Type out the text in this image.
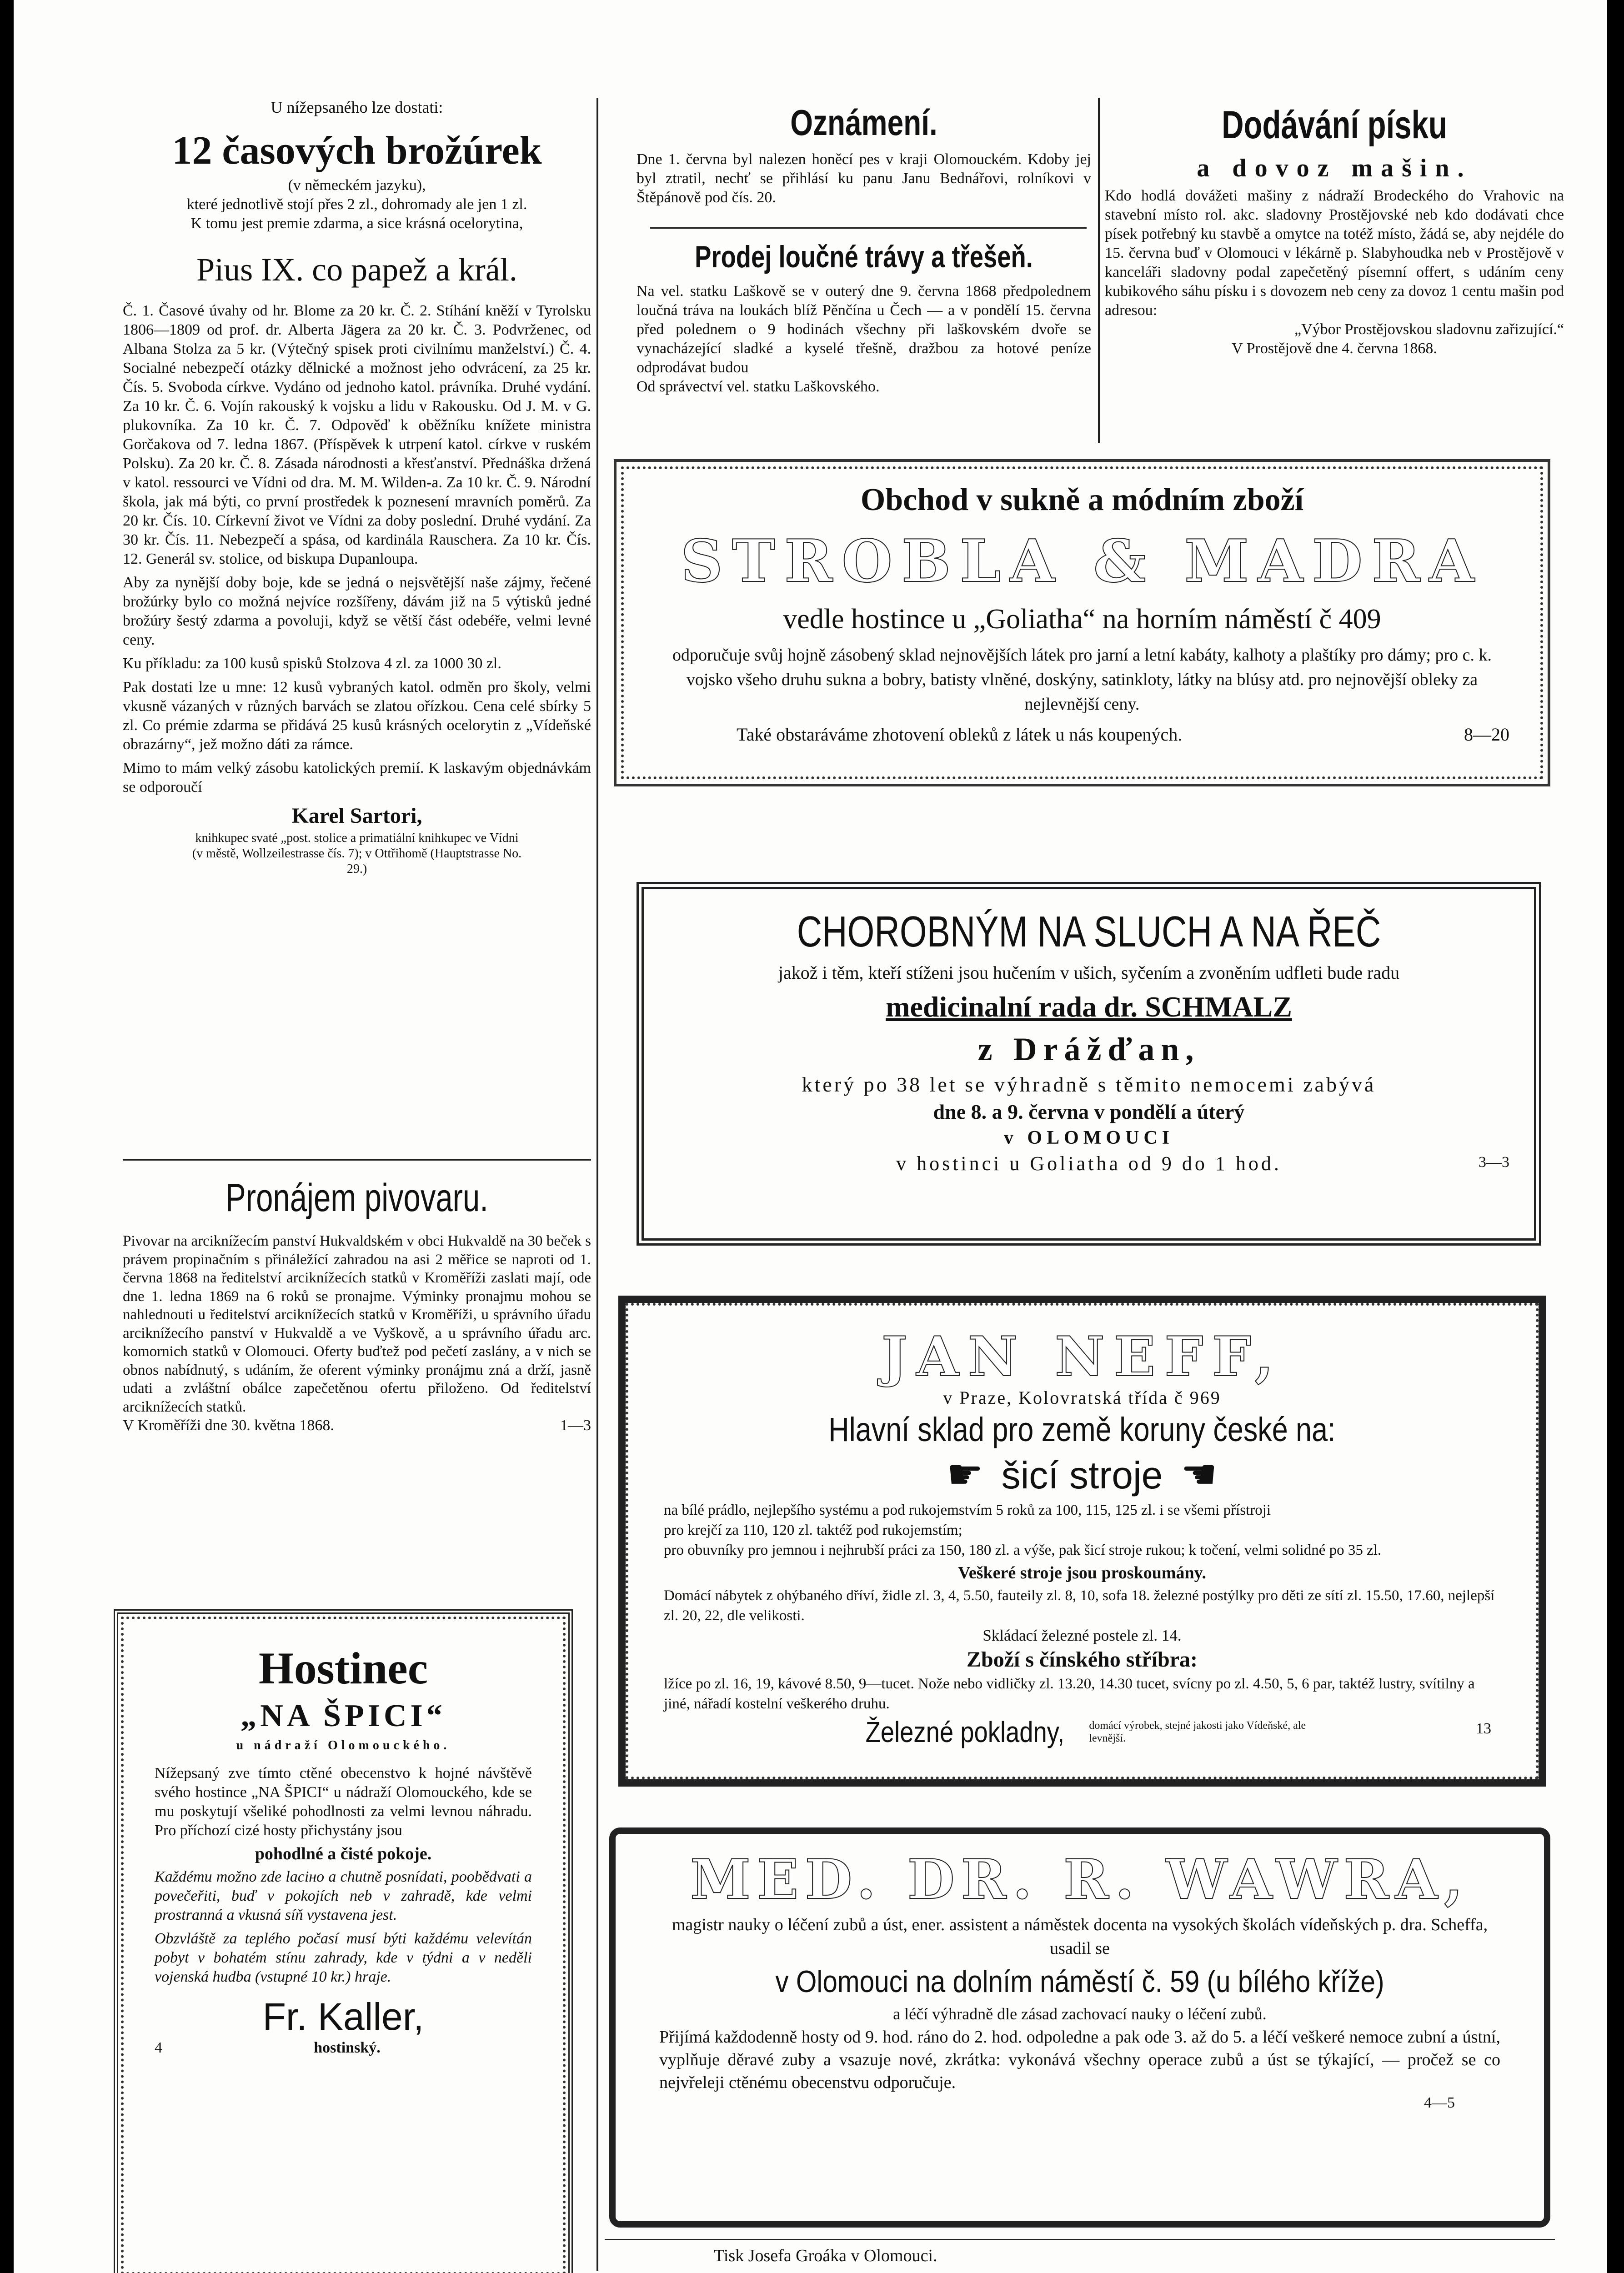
U nížepsaného lze dostati:

12 časových brožúrek

(v německém jazyku),

které jednotlivě stojí přes 2 zl., dohromady ale jen 1 zl.

K tomu jest premie zdarma, a sice krásná ocelorytina,

Pius IX. co papež a král.

Č. 1. Časové úvahy od hr. Blome za 20 kr. Č. 2. Stíhání kněží v Tyrolsku 1806—1809 od prof. dr. Alberta Jägera za 20 kr. Č. 3. Podvrženec, od Albana Stolza za 5 kr. (Výtečný spisek proti civilnímu manželství.) Č. 4. Socialné nebezpečí otázky dělnické a možnost jeho odvrácení, za 25 kr. Čís. 5. Svoboda církve. Vydáno od jednoho katol. právníka. Druhé vydání. Za 10 kr. Č. 6. Vojín rakouský k vojsku a lidu v Rakousku. Od J. M. v G. plukovníka. Za 10 kr. Č. 7. Odpověď k oběžníku knížete ministra Gorčakova od 7. ledna 1867. (Příspěvek k utrpení katol. církve v ruském Polsku). Za 20 kr. Č. 8. Zásada národnosti a křesťanství. Přednáška držená v katol. ressourci ve Vídni od dra. M. M. Wilden-a. Za 10 kr. Č. 9. Národní škola, jak má býti, co první prostředek k poznesení mravních poměrů. Za 20 kr. Čís. 10. Církevní život ve Vídni za doby poslední. Druhé vydání. Za 30 kr. Čís. 11. Nebezpečí a spása, od kardinála Rauschera. Za 10 kr. Čís. 12. Generál sv. stolice, od biskupa Dupanloupa.

Aby za nynější doby boje, kde se jedná o nejsvětější naše zájmy, řečené brožúrky bylo co možná nejvíce rozšířeny, dávám již na 5 výtisků jedné brožúry šestý zdarma a povoluji, když se větší část odebéře, velmi levné ceny.

Ku příkladu: za 100 kusů spisků Stolzova 4 zl. za 1000 30 zl.

Pak dostati lze u mne: 12 kusů vybraných katol. odměn pro školy, velmi vkusně vázaných v různých barvách se zlatou ořízkou. Cena celé sbírky 5 zl. Co prémie zdarma se přidává 25 kusů krásných ocelorytin z „Vídeňské obrazárny“, jež možno dáti za rámce.

Mimo to mám velký zásobu katolických premií. K laskavým objednávkám se odporoučí

Karel Sartori,

knihkupec svaté „post. stolice a primatiální knihkupec ve Vídni (v městě, Wollzeilestrasse čís. 7); v Ottřihomě (Hauptstrasse No. 29.)

Pronájem pivovaru.

Pivovar na arciknížecím panství Hukvaldském v obci Hukvaldě na 30 beček s právem propinačním s přináležící zahradou na asi 2 měřice se naproti od 1. června 1868 na ředitelství arciknížecích statků v Kroměříži zaslati mají, ode dne 1. ledna 1869 na 6 roků se pronajme. Výminky pronajmu mohou se nahlednouti u ředitelství arciknížecích statků v Kroměříži, u správního úřadu arciknížecího panství v Hukvaldě a ve Vyškově, a u správního úřadu arc. komornich statků v Olomouci. Oferty buďtež pod pečetí zaslány, a v nich se obnos nabídnutý, s udáním, že oferent výminky pronájmu zná a drží, jasně udati a zvláštní obálce zapečetěnou ofertu přiloženo. Od ředitelství arciknížecích statků.

V Kroměříži dne 30. května 1868.	1—3

Hostinec

„NA ŠPICI“

u nádraží Olomouckého.

Nížepsaný zve tímto ctěné obecenstvo k hojné návštěvě svého hostince „NA ŠPICI“ u nádraží Olomouckého, kde se mu poskytují všeliké pohodlnosti za velmi levnou náhradu. Pro příchozí cizé hosty přichystány jsou

pohodlné a čisté pokoje.

Každému možno zde laciно a chutně posnídati, poobědvati a povečeřiti, buď v pokojích neb v zahradě, kde velmi prostranná a vkusná síň vystavena jest.

Obzvláště za teplého počasí musí býti každému velevítán pobyt v bohatém stínu zahrady, kde v týdni a v neděli vojenská hudba (vstupné 10 kr.) hraje.

Fr. Kaller,

4	hostinský.

Oznámení.

Dne 1. června byl nalezen honěcí pes v kraji Olomouckém. Kdoby jej byl ztratil, nechť se přihlásí ku panu Janu Bednářovi, rolníkovi v Štěpánově pod čís. 20.

Prodej loučné trávy a třešeň.

Na vel. statku Laškově se v outerý dne 9. června 1868 předpolednem loučná tráva na loukách blíž Pěnčína u Čech — a v pondělí 15. června před polednem o 9 hodinách všechny při laškovském dvoře se vynacházející sladké a kyselé třešně, dražbou za hotové peníze odprodávat budou

Od správectví vel. statku Laškovského.

Dodávání písku

a dovoz mašin.

Kdo hodlá dovážeti mašiny z nádraží Brodeckého do Vrahovic na stavební místo rol. akc. sladovny Prostějovské neb kdo dodávati chce písek potřebný ku stavbě a omytce na totéž místo, žádá se, aby nejdéle do 15. června buď v Olomouci v lékárně p. Slabyhoudka neb v Prostějově v kanceláři sladovny podal zapečetěný písemní offert, s udáním ceny kubikového sáhu písku i s dovozem neb ceny za dovoz 1 centu mašin pod adresou:

„Výbor Prostějovskou sladovnu zařizující.“

V Prostějově dne 4. června 1868.

Obchod v sukně a módním zboží

STROBLA & MADRA

vedle hostince u „Goliatha“ na horním náměstí č 409

odporučuje svůj hojně zásobený sklad nejnovějších látek pro jarní a letní kabáty, kalhoty a plaštíky pro dámy; pro c. k. vojsko všeho druhu sukna a bobry, batisty vlněné, doskýny, satinkloty, látky na blúsy atd. pro nejnovější obleky za nejlevnější ceny.

Také obstaráváme zhotovení obleků z látek u nás koupených.	8—20

CHOROBNÝM NA SLUCH A NA ŘEČ

jakož i těm, kteří stíženi jsou hučením v ušich, syčením a zvoněním udfleti bude radu

medicinalní rada dr. SCHMALZ

z Drážďan,

který po 38 let se výhradně s těmito nemocemi zabývá

dne 8. a 9. června v pondělí a úterý

v OLOMOUCI

v hostinci u Goliatha od 9 do 1 hod.	3—3

JAN NEFF,

v Praze, Kolovratská třída č 969

Hlavní sklad pro země koruny české na:

☛ šicí stroje ☛

na bílé prádlo, nejlepšího systému a pod rukojemstvím 5 roků za 100, 115, 125 zl. i se všemi přístroji

pro krejčí za 110, 120 zl. taktéž pod rukojemstím;

pro obuvníky pro jemnou i nejhrubší práci za 150, 180 zl. a výše, pak šicí stroje rukou; k točení, velmi solidné po 35 zl.

Veškeré stroje jsou proskoumány.

Domácí nábytek z ohýbaného dříví, židle zl. 3, 4, 5.50, fauteily zl. 8, 10, sofa 18. železné postýlky pro děti ze sítí zl. 15.50, 17.60, nejlepší zl. 20, 22, dle velikosti.

Skládací železné postele zl. 14.

Zboží s čínského stříbra:

lžíce po zl. 16, 19, kávové 8.50, 9—tucet. Nože nebo vidličky zl. 13.20, 14.30 tucet, svícny po zl. 4.50, 5, 6 par, taktéž lustry, svítilny a jiné, nářadí kostelní veškerého druhu.

Železné pokladny, domácí výrobek, stejné jakosti jako Vídeňské, ale levnější.
13

MED. DR. R. WAWRA,

magistr nauky o léčení zubů a úst, ener. assistent a náměstek docenta na vysokých školách vídeňských p. dra. Scheffa,

usadil se

v Olomouci na dolním náměstí č. 59 (u bílého kříže)

a léčí výhradně dle zásad zachovací nauky o léčení zubů.

Přijímá každodenně hosty od 9. hod. ráno do 2. hod. odpoledne a pak ode 3. až do 5. a léčí veškeré nemoce zubní a ústní, vyplňuje děravé zuby a vsazuje nové, zkrátka: vykonává všechny operace zubů a úst se týkající, — pročež se co nejvřeleji ctěnému obecenstvu odporučuje.

4—5

Tisk Josefa Groáka v Olomouci.
